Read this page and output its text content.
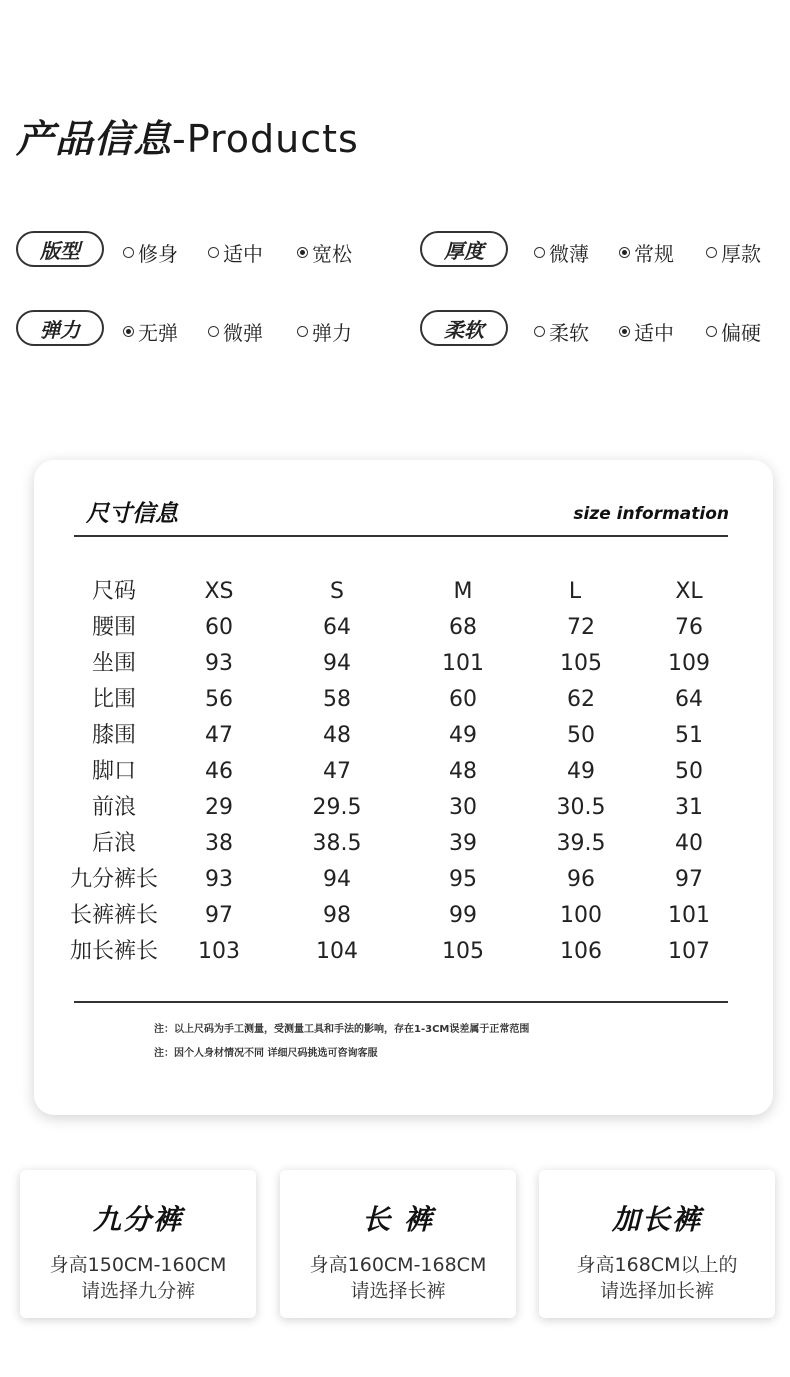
产品信息-Products
版型	修身 适中 宽松	厚度	微薄 常规 厚款
弹力	无弹 微弹 弹力	柔软	柔软 适中 偏硬
尺寸信息	size information
尺码	XS	S	M	L	XL
腰围	60	64	68	72	76
坐围	93	94	101	105	109
比围	56	58	60	62	64
膝围	47	48	49	50	51
脚口	46	47	48	49	50
前浪	29	29.5	30	30.5	31
后浪	38	38.5	39	39.5	40
九分裤长	93	94	95	96	97
长裤裤长	97	98	99	100	101
加长裤长	103	104	105	106	107
注：以上尺码为手工测量，受测量工具和手法的影响，存在1-3CM误差属于正常范围
注：因个人身材情况不同 详细尺码挑选可咨询客服
九分裤
身高150CM-160CM
请选择九分裤
长 裤
身高160CM-168CM
请选择长裤
加长裤
身高168CM以上的
请选择加长裤
